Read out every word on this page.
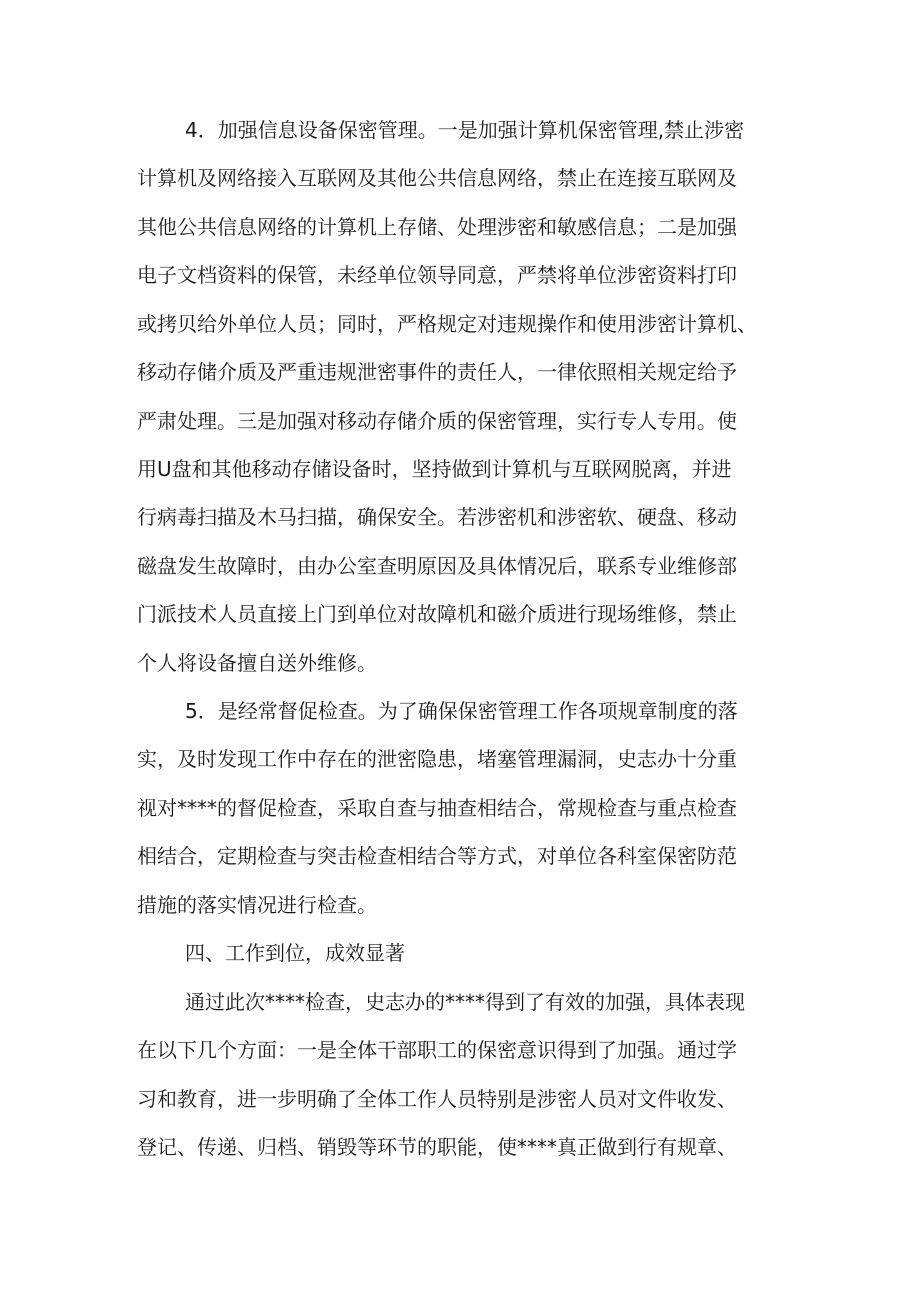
4．加强信息设备保密管理。一是加强计算机保密管理,禁止涉密
计算机及网络接入互联网及其他公共信息网络，禁止在连接互联网及
其他公共信息网络的计算机上存储、处理涉密和敏感信息；二是加强
电子文档资料的保管，未经单位领导同意，严禁将单位涉密资料打印
或拷贝给外单位人员；同时，严格规定对违规操作和使用涉密计算机、
移动存储介质及严重违规泄密事件的责任人，一律依照相关规定给予
严肃处理。三是加强对移动存储介质的保密管理，实行专人专用。使
用U盘和其他移动存储设备时，坚持做到计算机与互联网脱离，并进
行病毒扫描及木马扫描，确保安全。若涉密机和涉密软、硬盘、移动
磁盘发生故障时，由办公室查明原因及具体情况后，联系专业维修部
门派技术人员直接上门到单位对故障机和磁介质进行现场维修，禁止
个人将设备擅自送外维修。
5．是经常督促检查。为了确保保密管理工作各项规章制度的落
实，及时发现工作中存在的泄密隐患，堵塞管理漏洞，史志办十分重
视对****的督促检查，采取自查与抽查相结合，常规检查与重点检查
相结合，定期检查与突击检查相结合等方式，对单位各科室保密防范
措施的落实情况进行检查。
四、工作到位，成效显著
通过此次****检查，史志办的****得到了有效的加强，具体表现
在以下几个方面：一是全体干部职工的保密意识得到了加强。通过学
习和教育，进一步明确了全体工作人员特别是涉密人员对文件收发、
登记、传递、归档、销毁等环节的职能，使****真正做到行有规章、
